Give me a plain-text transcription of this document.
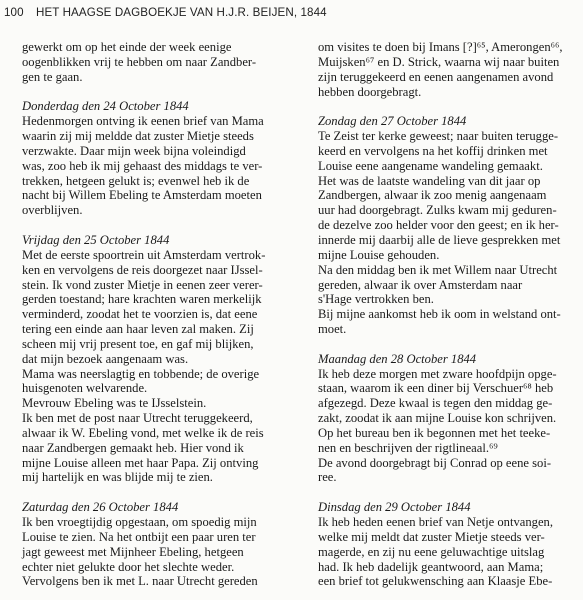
100 HET HAAGSE DAGBOEKJE VAN H.J.R. BEIJEN, 1844

gewerkt om op het einde der week eenige
oogenblikken vrij te hebben om naar Zandber-
gen te gaan.

Donderdag den 24 October 1844

Hedenmorgen ontving ik eenen brief van Mama
waarin zij mij meldde dat zuster Mietje steeds
verzwakte. Daar mijn week bijna voleindigd
was, zoo heb ik mij gehaast des middags te ver-
trekken, hetgeen gelukt is; evenwel heb ik de
nacht bij Willem Ebeling te Amsterdam moeten
overblijven.

Vrijdag den 25 October 1844

Met de eerste spoortrein uit Amsterdam vertrok-
ken en vervolgens de reis doorgezet naar IJssel-
stein. Ik vond zuster Mietje in eenen zeer verer-
gerden toestand; hare krachten waren merkelijk
verminderd, zoodat het te voorzien is, dat eene
tering een einde aan haar leven zal maken. Zij
scheen mij vrij present toe, en gaf mij blijken,
dat mijn bezoek aangenaam was.

Mama was neerslagtig en tobbende; de overige
huisgenoten welvarende.

Mevrouw Ebeling was te IJsselstein.

Ik ben met de post naar Utrecht teruggekeerd,
alwaar ik W. Ebeling vond, met welke ik de reis
naar Zandbergen gemaakt heb. Hier vond ik
mijne Louise alleen met haar Papa. Zij ontving
mij hartelijk en was blijde mij te zien.

Zaturdag den 26 October 1844

Ik ben vroegtijdig opgestaan, om spoedig mijn
Louise te zien. Na het ontbijt een paar uren ter
jagt geweest met Mijnheer Ebeling, hetgeen
echter niet gelukte door het slechte weder.
Vervolgens ben ik met L. naar Utrecht gereden

om visites te doen bij Imans [?]⁶⁵, Amerongen⁶⁶,
Muijsken⁶⁷ en D. Strick, waarna wij naar buiten
zijn teruggekeerd en eenen aangenamen avond
hebben doorgebragt.

Zondag den 27 October 1844

Te Zeist ter kerke geweest; naar buiten terugge-
keerd en vervolgens na het koffij drinken met
Louise eene aangename wandeling gemaakt.
Het was de laatste wandeling van dit jaar op
Zandbergen, alwaar ik zoo menig aangenaam
uur had doorgebragt. Zulks kwam mij geduren-
de dezelve zoo helder voor den geest; en ik her-
innerde mij daarbij alle de lieve gesprekken met
mijne Louise gehouden.

Na den middag ben ik met Willem naar Utrecht
gereden, alwaar ik over Amsterdam naar
s'Hage vertrokken ben.

Bij mijne aankomst heb ik oom in welstand ont-
moet.

Maandag den 28 October 1844

Ik heb deze morgen met zware hoofdpijn opge-
staan, waarom ik een diner bij Verschuer⁶⁸ heb
afgezegd. Deze kwaal is tegen den middag ge-
zakt, zoodat ik aan mijne Louise kon schrijven.
Op het bureau ben ik begonnen met het teeke-
nen en beschrijven der rigtlineaal.⁶⁹

De avond doorgebragt bij Conrad op eene soi-
ree.

Dinsdag den 29 October 1844

Ik heb heden eenen brief van Netje ontvangen,
welke mij meldt dat zuster Mietje steeds ver-
magerde, en zij nu eene geluwachtige uitslag
had. Ik heb dadelijk geantwoord, aan Mama;
een brief tot gelukwensching aan Klaasje Ebe-
